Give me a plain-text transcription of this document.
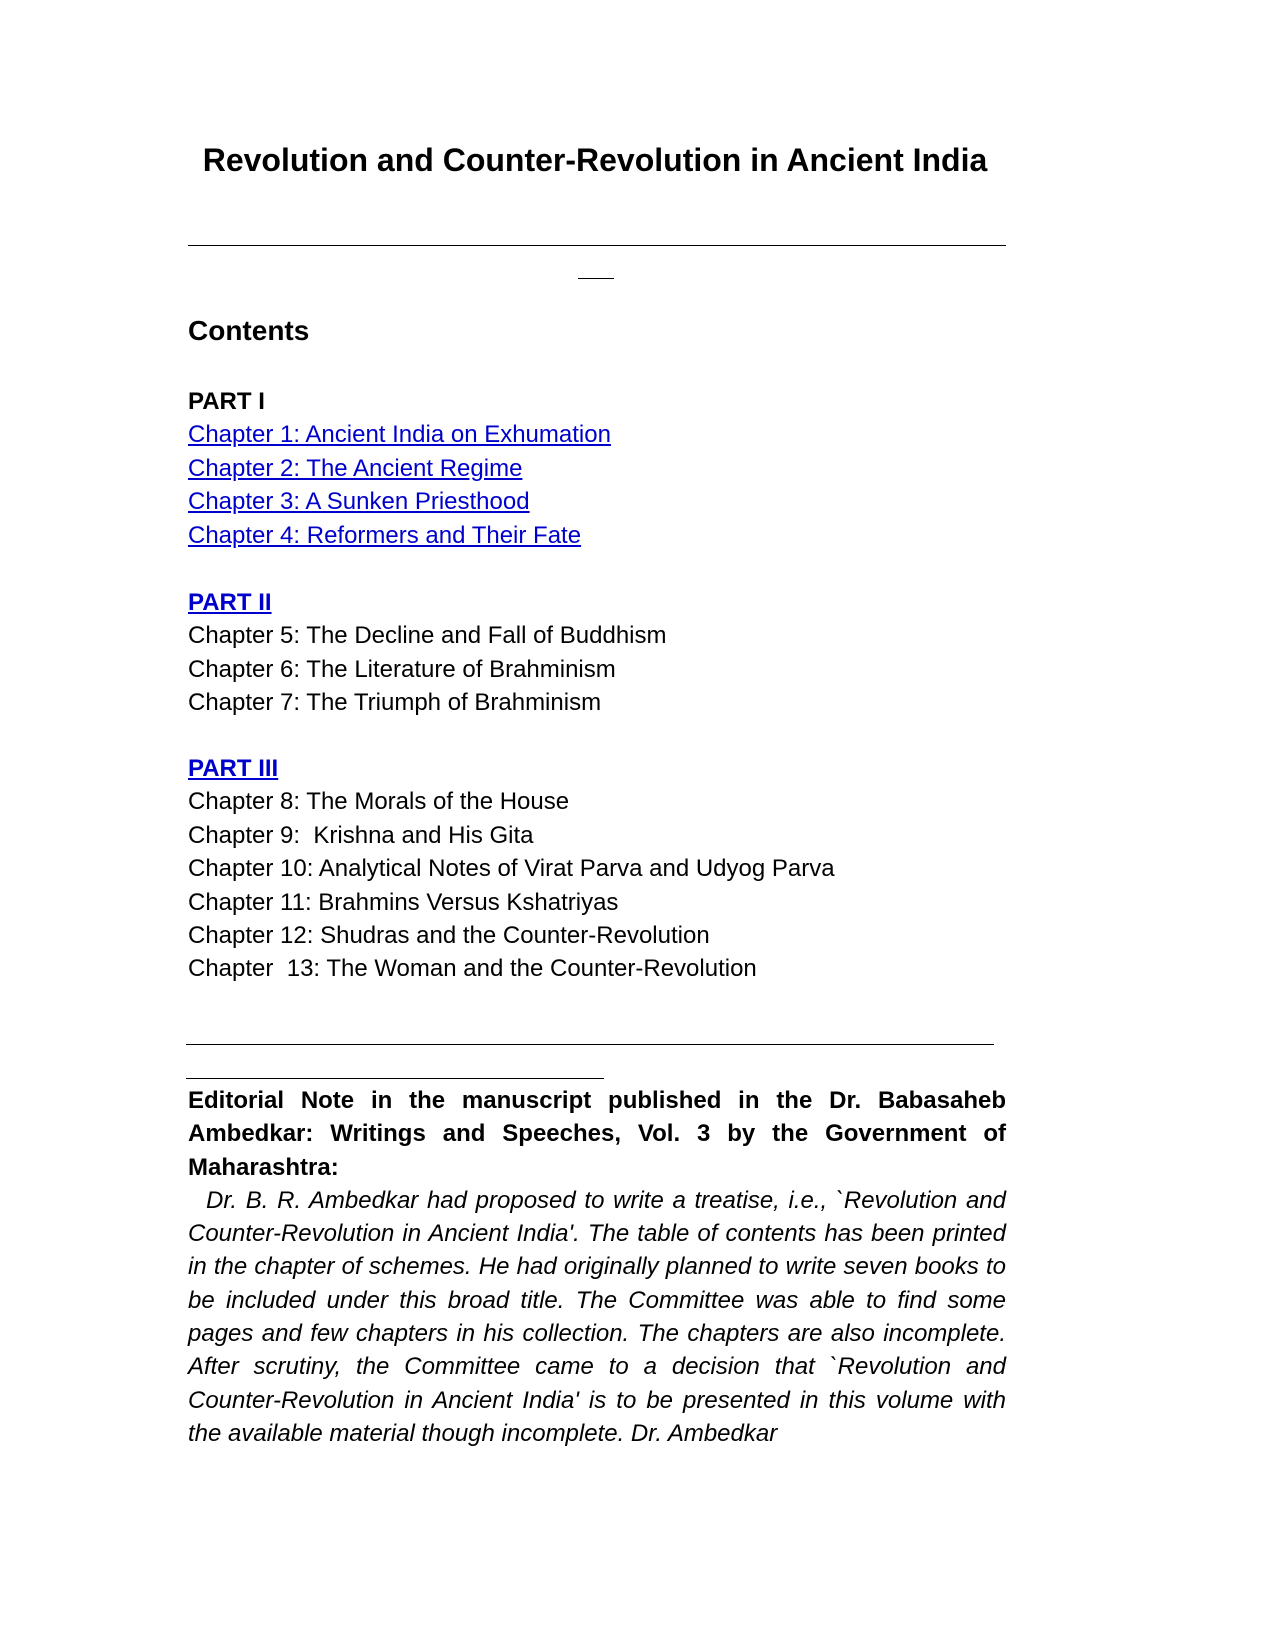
Revolution and Counter-Revolution in Ancient India
Contents
PART I
Chapter 1: Ancient India on Exhumation
Chapter 2: The Ancient Regime
Chapter 3: A Sunken Priesthood
Chapter 4: Reformers and Their Fate
PART II
Chapter 5: The Decline and Fall of Buddhism
Chapter 6: The Literature of Brahminism
Chapter 7: The Triumph of Brahminism
PART III
Chapter 8: The Morals of the House
Chapter 9:  Krishna and His Gita
Chapter 10: Analytical Notes of Virat Parva and Udyog Parva
Chapter 11: Brahmins Versus Kshatriyas
Chapter 12: Shudras and the Counter-Revolution
Chapter  13: The Woman and the Counter-Revolution

Editorial Note in the manuscript published in the Dr. Babasaheb Ambedkar: Writings and Speeches, Vol. 3 by the Government of Maharashtra:

Dr. B. R. Ambedkar had proposed to write a treatise, i.e., `Revolution and Counter-Revolution in Ancient India'. The table of contents has been printed in the chapter of schemes. He had originally planned to write seven books to be included under this broad title. The Committee was able to find some pages and few chapters in his collection. The chapters are also incomplete. After scrutiny, the Committee came to a decision that `Revolution and Counter-Revolution in Ancient India' is to be presented in this volume with the available material though incomplete. Dr. Ambedkar
